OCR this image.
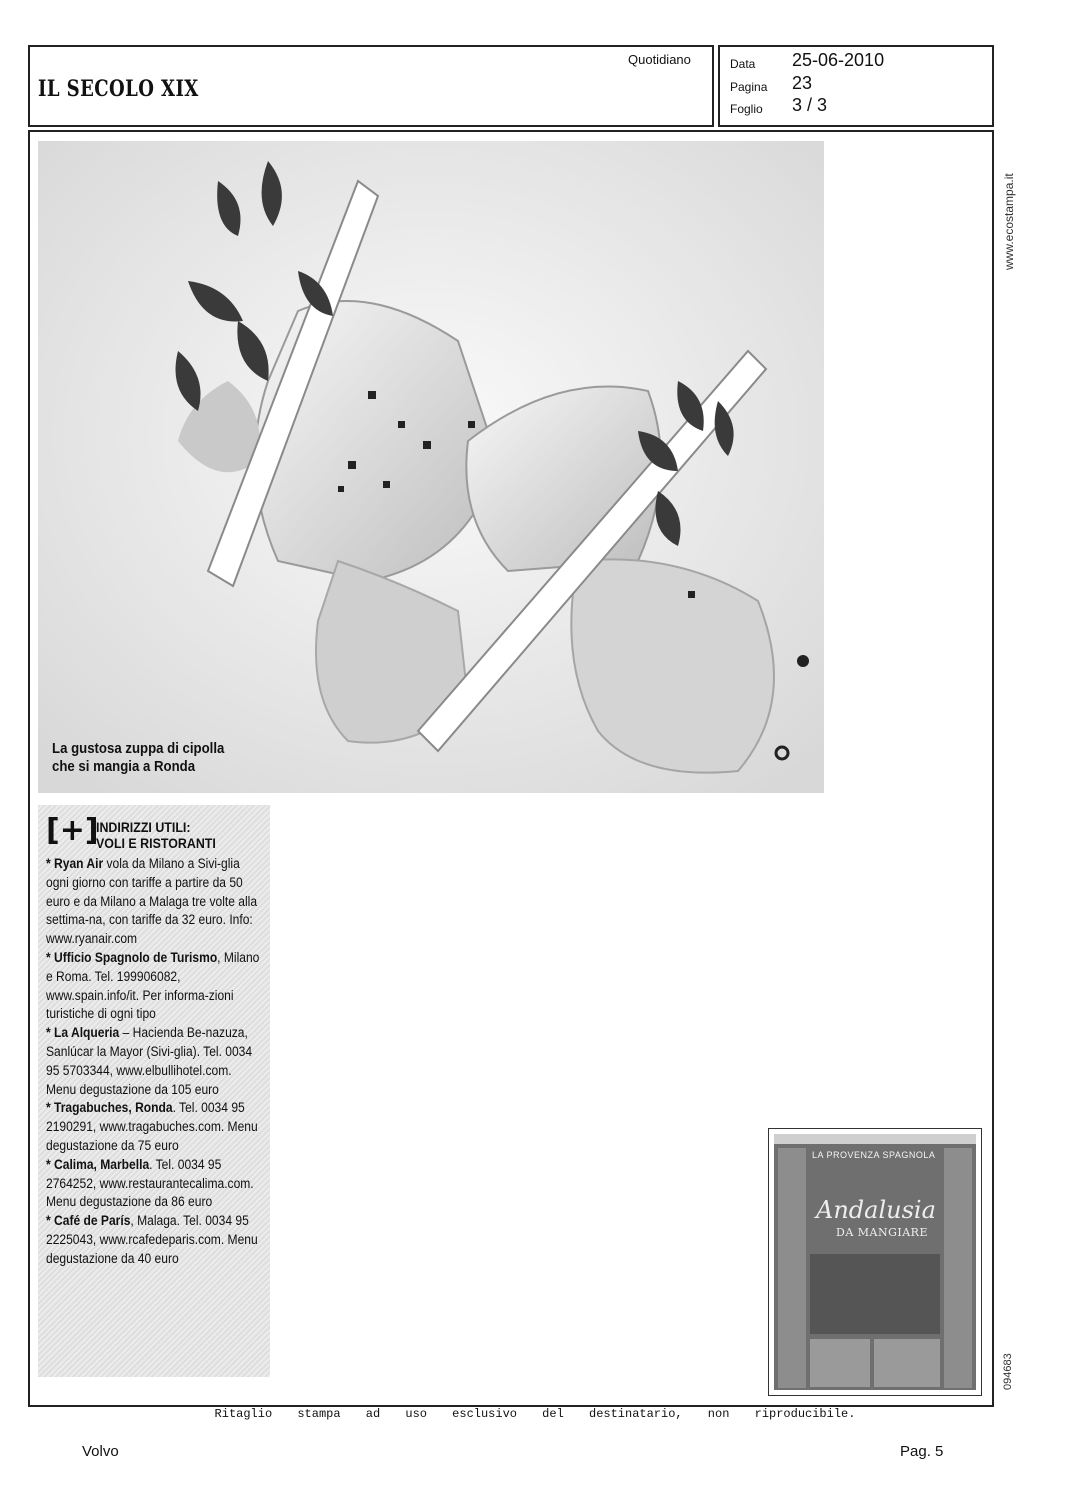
IL SECOLO XIX
Quotidiano	Data 25-06-2010
Pagina 23
Foglio 3 / 3
www.ecostampa.it
094683
La gustosa zuppa di cipolla
che si mangia a Ronda
[+]
INDIRIZZI UTILI:
VOLI E RISTORANTI

* Ryan Air vola da Milano a Sivi-glia ogni giorno con tariffe a partire da 50 euro e da Milano a Malaga tre volte alla settima-na, con tariffe da 32 euro. Info: www.ryanair.com

* Ufficio Spagnolo de Turismo, Milano e Roma. Tel. 199906082, www.spain.info/it. Per informa-zioni turistiche di ogni tipo

* La Alqueria – Hacienda Be-nazuza, Sanlúcar la Mayor (Sivi-glia). Tel. 0034 95 5703344, www.elbullihotel.com. Menu degustazione da 105 euro

* Tragabuches, Ronda. Tel. 0034 95 2190291, www.tragabuches.com. Menu degustazione da 75 euro

* Calima, Marbella. Tel. 0034 95 2764252, www.restaurantecalima.com. Menu degustazione da 86 euro

* Café de París, Malaga. Tel. 0034 95 2225043, www.rcafedeparis.com. Menu degustazione da 40 euro

LA PROVENZA SPAGNOLA
Andalusia
DA MANGIARE
Ritaglio stampa ad uso esclusivo del destinatario, non riproducibile.
Volvo	Pag. 5
